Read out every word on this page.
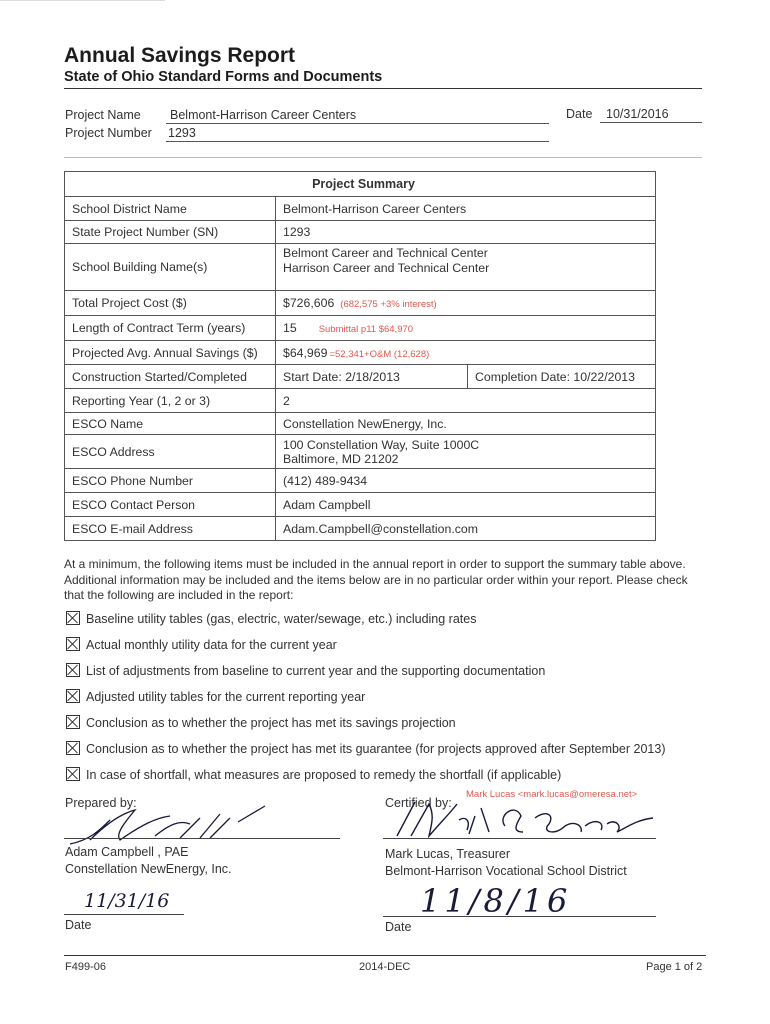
Annual Savings Report
State of Ohio Standard Forms and Documents
Project Name Belmont-Harrison Career Centers	Date 10/31/2016
Project Number 1293
Project Summary		
School District Name	Belmont-Harrison Career Centers	
State Project Number (SN)	1293	
School Building Name(s)	Belmont Career and Technical Center
Harrison Career and Technical Center	

Total Project Cost ($)	$726,606 (682,575 +3% interest)	
Length of Contract Term (years)	15 Submittal p11 $64,970	
Projected Avg. Annual Savings ($)	$64,969 =52,341+O&M (12,628)	
Construction Started/Completed	Start Date: 2/18/2013	Completion Date: 10/22/2013
Reporting Year (1, 2 or 3)	2	
ESCO Name	Constellation NewEnergy, Inc.	
ESCO Address	100 Constellation Way, Suite 1000C
Baltimore, MD 21202	

ESCO Phone Number	(412) 489-9434	
ESCO Contact Person	Adam Campbell	
ESCO E-mail Address	Adam.Campbell@constellation.com	
At a minimum, the following items must be included in the annual report in order to support the summary table above. Additional information may be included and the items below are in no particular order within your report. Please check that the following are included in the report:
Baseline utility tables (gas, electric, water/sewage, etc.) including rates
Actual monthly utility data for the current year
List of adjustments from baseline to current year and the supporting documentation
Adjusted utility tables for the current reporting year
Conclusion as to whether the project has met its savings projection
Conclusion as to whether the project has met its guarantee (for projects approved after September 2013)
In case of shortfall, what measures are proposed to remedy the shortfall (if applicable)
Prepared by:
Adam Campbell , PAE
Constellation NewEnergy, Inc.
11/31/16
Date
Mark Lucas <mark.lucas@omeresa.net>
Certified by:
Mark Lucas, Treasurer
Belmont-Harrison Vocational School District
11/8/16
Date
F499-06	2014-DEC	Page 1 of 2
